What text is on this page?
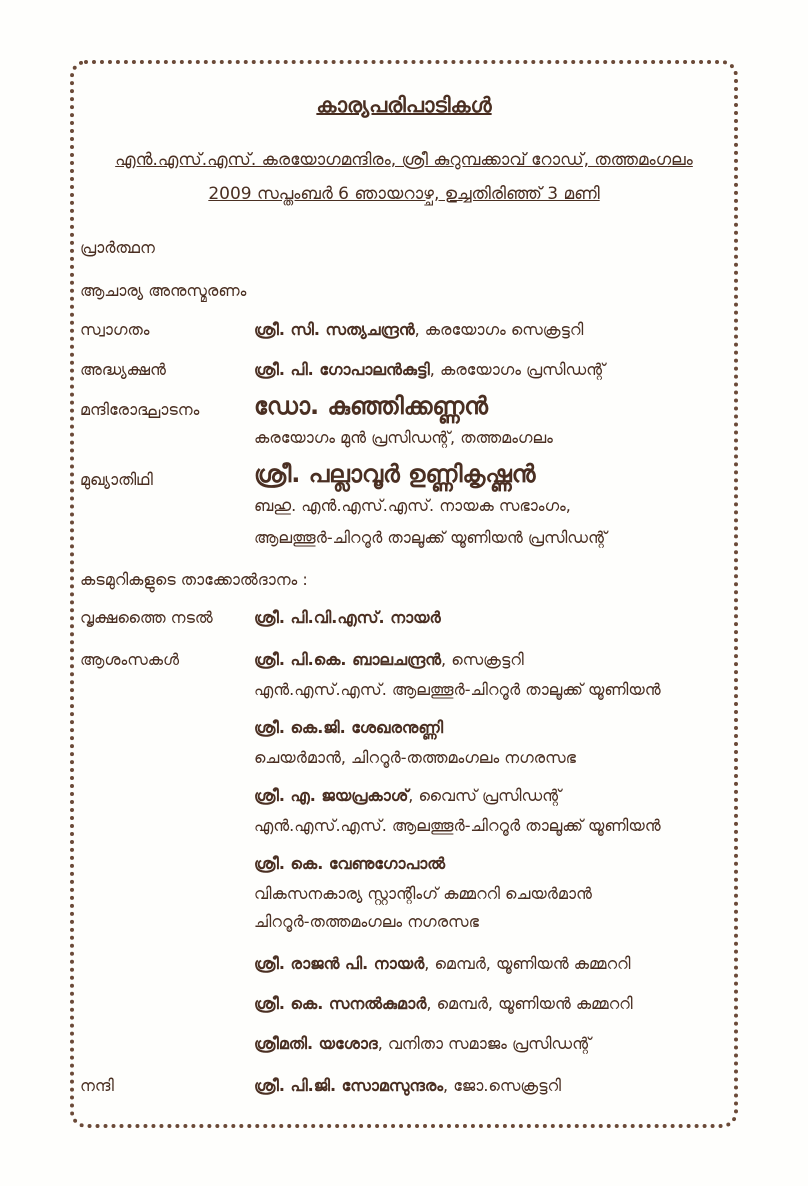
കാര്യപരിപാടികൾ
എൻ.എസ്.എസ്. കരയോഗമന്ദിരം, ശ്രീ കുറുമ്പക്കാവ് റോഡ്, തത്തമംഗലം
2009 സപ്തംബർ 6 ഞായറാഴ്ച, ഉച്ചതിരിഞ്ഞ് 3 മണി
പ്രാർത്ഥന
ആചാര്യ അനുസ്മരണം
സ്വാഗതം	ശ്രീ. സി. സത്യചന്ദ്രൻ, കരയോഗം സെക്രട്ടറി
അദ്ധ്യക്ഷൻ	ശ്രീ. പി. ഗോപാലൻകുട്ടി, കരയോഗം പ്രസിഡന്റ്
മന്ദിരോദ്ഘാടനം ഡോ. കുഞ്ഞിക്കണ്ണൻ
കരയോഗം മുൻ പ്രസിഡന്റ്, തത്തമംഗലം
മുഖ്യാതിഥി	ശ്രീ. പല്ലാവൂർ ഉണ്ണികൃഷ്ണൻ
ബഹു. എൻ.എസ്.എസ്. നായക സഭാംഗം,
ആലത്തൂർ-ചിററൂർ താലൂക്ക് യൂണിയൻ പ്രസിഡന്റ്
കടമുറികളുടെ താക്കോൽദാനം :
വൃക്ഷത്തൈ നടൽ	ശ്രീ. പി.വി.എസ്. നായർ
ആശംസകൾ	ശ്രീ. പി.കെ. ബാലചന്ദ്രൻ, സെക്രട്ടറി
എൻ.എസ്.എസ്. ആലത്തൂർ-ചിററൂർ താലൂക്ക് യൂണിയൻ
ശ്രീ. കെ.ജി. ശേഖരനുണ്ണി
ചെയർമാൻ, ചിററൂർ-തത്തമംഗലം നഗരസഭ
ശ്രീ. എ. ജയപ്രകാശ്, വൈസ് പ്രസിഡന്റ്
എൻ.എസ്.എസ്. ആലത്തൂർ-ചിററൂർ താലൂക്ക് യൂണിയൻ
ശ്രീ. കെ. വേണുഗോപാൽ
വികസനകാര്യ സ്റ്റാന്റിംഗ് കമ്മററി ചെയർമാൻ
ചിററൂർ-തത്തമംഗലം നഗരസഭ
ശ്രീ. രാജൻ പി. നായർ, മെമ്പർ, യൂണിയൻ കമ്മററി
ശ്രീ. കെ. സനൽകുമാർ, മെമ്പർ, യൂണിയൻ കമ്മററി
ശ്രീമതി. യശോദ, വനിതാ സമാജം പ്രസിഡന്റ്
നന്ദി	ശ്രീ. പി.ജി. സോമസുന്ദരം, ജോ.സെക്രട്ടറി
